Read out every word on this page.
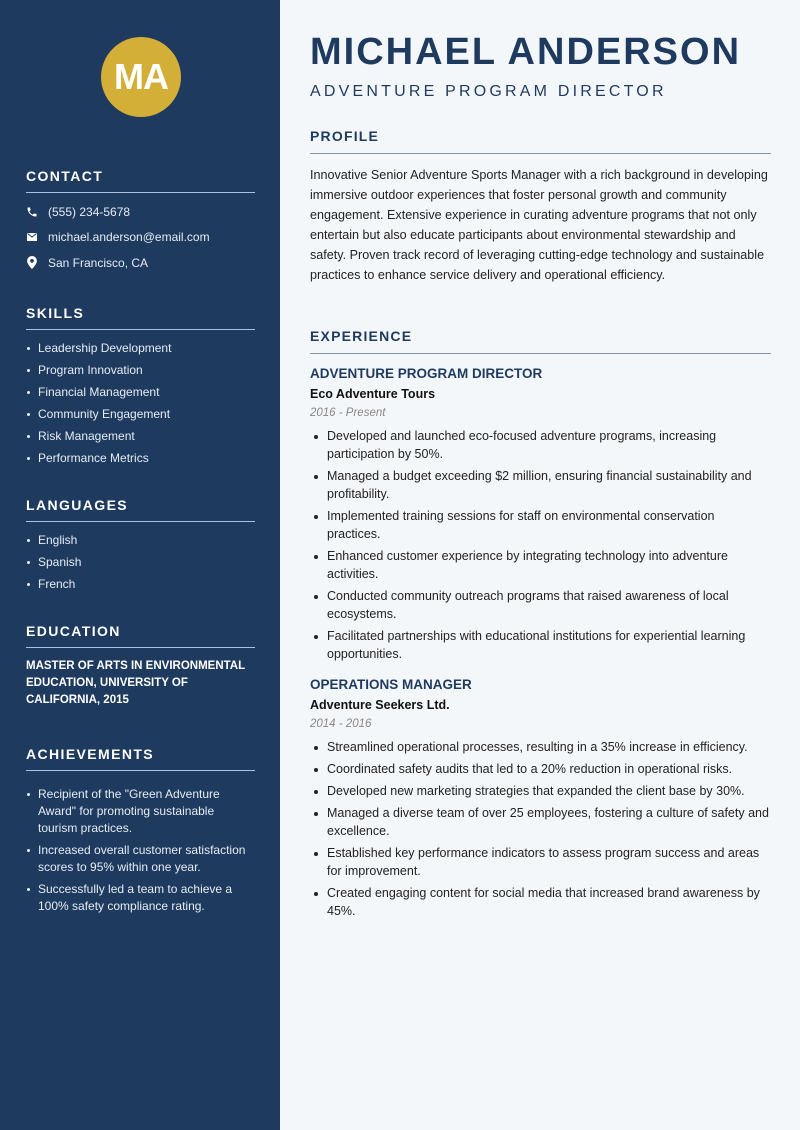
MA
CONTACT
(555) 234-5678
michael.anderson@email.com
San Francisco, CA
SKILLS
Leadership Development
Program Innovation
Financial Management
Community Engagement
Risk Management
Performance Metrics
LANGUAGES
English
Spanish
French
EDUCATION
MASTER OF ARTS IN ENVIRONMENTAL EDUCATION, UNIVERSITY OF CALIFORNIA, 2015
ACHIEVEMENTS
Recipient of the "Green Adventure Award" for promoting sustainable tourism practices.
Increased overall customer satisfaction scores to 95% within one year.
Successfully led a team to achieve a 100% safety compliance rating.
MICHAEL ANDERSON
ADVENTURE PROGRAM DIRECTOR
PROFILE

Innovative Senior Adventure Sports Manager with a rich background in developing immersive outdoor experiences that foster personal growth and community engagement. Extensive experience in curating adventure programs that not only entertain but also educate participants about environmental stewardship and safety. Proven track record of leveraging cutting-edge technology and sustainable practices to enhance service delivery and operational efficiency.

EXPERIENCE
ADVENTURE PROGRAM DIRECTOR
Eco Adventure Tours
2016 - Present
Developed and launched eco-focused adventure programs, increasing participation by 50%.
Managed a budget exceeding $2 million, ensuring financial sustainability and profitability.
Implemented training sessions for staff on environmental conservation practices.
Enhanced customer experience by integrating technology into adventure activities.
Conducted community outreach programs that raised awareness of local ecosystems.
Facilitated partnerships with educational institutions for experiential learning opportunities.
OPERATIONS MANAGER
Adventure Seekers Ltd.
2014 - 2016
Streamlined operational processes, resulting in a 35% increase in efficiency.
Coordinated safety audits that led to a 20% reduction in operational risks.
Developed new marketing strategies that expanded the client base by 30%.
Managed a diverse team of over 25 employees, fostering a culture of safety and excellence.
Established key performance indicators to assess program success and areas for improvement.
Created engaging content for social media that increased brand awareness by 45%.
